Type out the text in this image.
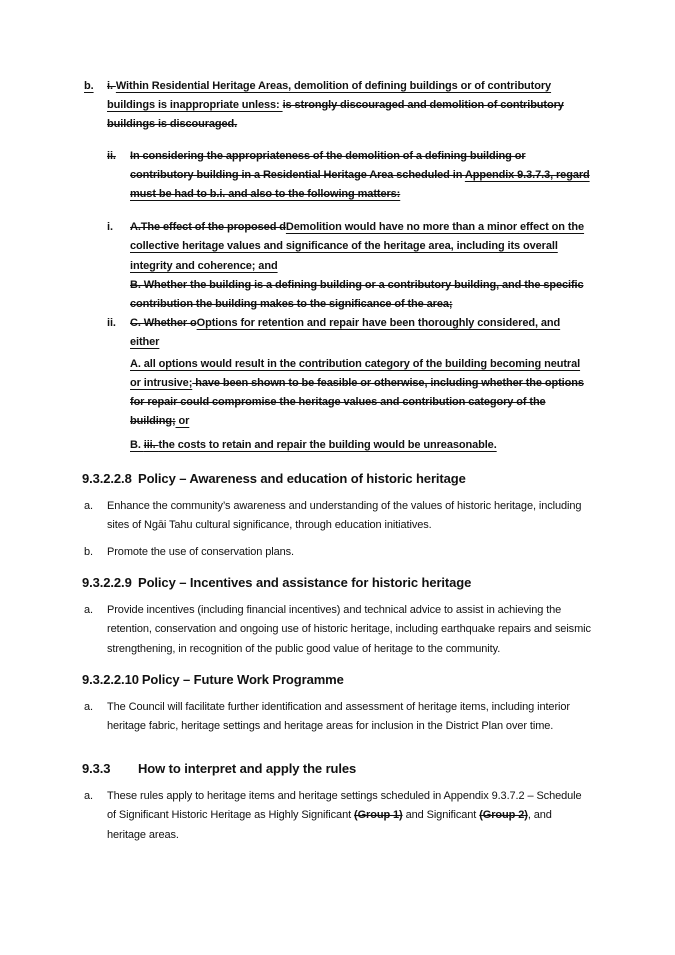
b.	i. Within Residential Heritage Areas, demolition of defining buildings or of contributory buildings is inappropriate unless: is strongly discouraged and demolition of contributory buildings is discouraged.
ii.	In considering the appropriateness of the demolition of a defining building or contributory building in a Residential Heritage Area scheduled in Appendix 9.3.7.3, regard must be had to b.i. and also to the following matters:
i.	A.The effect of the proposed dDemolition would have no more than a minor effect on the collective heritage values and significance of the heritage area, including its overall integrity and coherence; and
B. Whether the building is a defining building or a contributory building, and the specific contribution the building makes to the significance of the area;
ii.	C. Whether oOptions for retention and repair have been thoroughly considered, and either
A. all options would result in the contribution category of the building becoming neutral or intrusive; have been shown to be feasible or otherwise, including whether the options for repair could compromise the heritage values and contribution category of the building; or
B. iii. the costs to retain and repair the building would be unreasonable.
9.3.2.2.8 Policy – Awareness and education of historic heritage
a.	Enhance the community’s awareness and understanding of the values of historic heritage, including sites of Ngāi Tahu cultural significance, through education initiatives.
b.	Promote the use of conservation plans.
9.3.2.2.9 Policy – Incentives and assistance for historic heritage
a.	Provide incentives (including financial incentives) and technical advice to assist in achieving the retention, conservation and ongoing use of historic heritage, including earthquake repairs and seismic strengthening, in recognition of the public good value of heritage to the community.
9.3.2.2.10 Policy – Future Work Programme
a.	The Council will facilitate further identification and assessment of heritage items, including interior heritage fabric, heritage settings and heritage areas for inclusion in the District Plan over time.
9.3.3	How to interpret and apply the rules
a.	These rules apply to heritage items and heritage settings scheduled in Appendix 9.3.7.2 – Schedule of Significant Historic Heritage as Highly Significant (Group 1) and Significant (Group 2), and heritage areas.
